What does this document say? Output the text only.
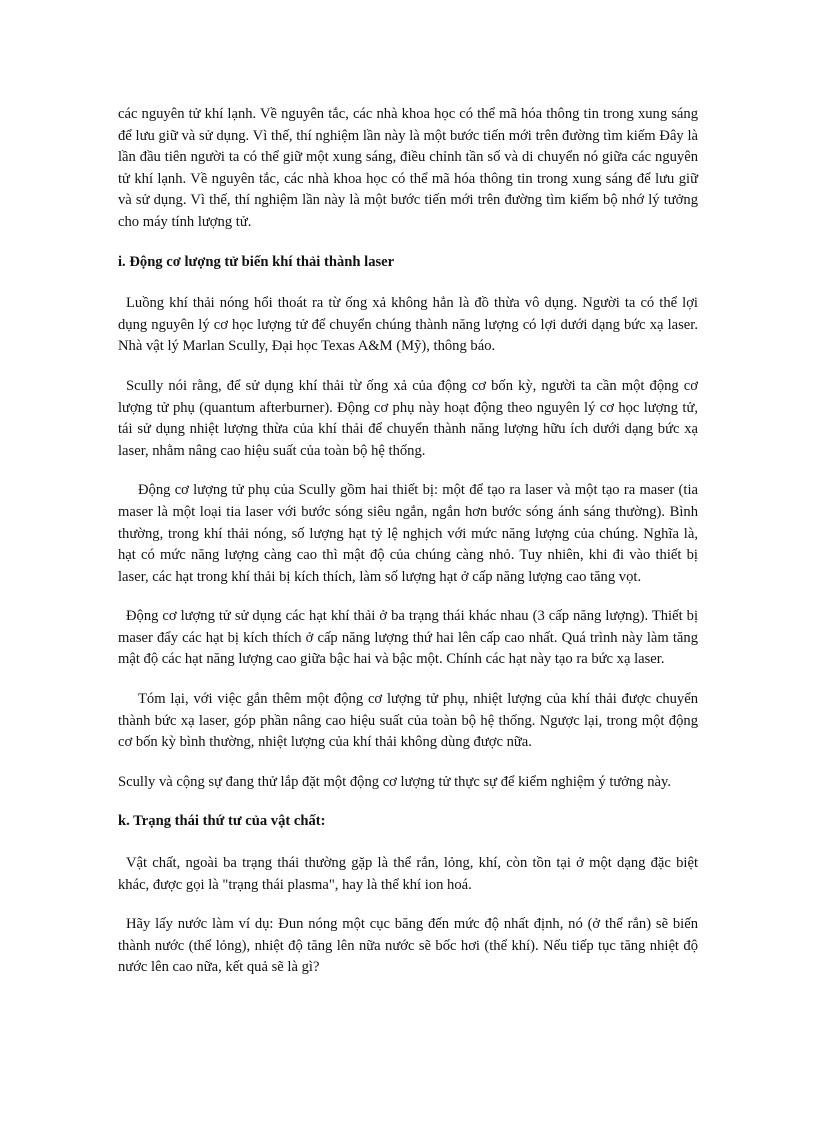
các nguyên tử khí lạnh. Về nguyên tắc, các nhà khoa học có thể mã hóa thông tin trong xung sáng để lưu giữ và sử dụng. Vì thế, thí nghiệm lần này là một bước tiến mới trên đường tìm kiếm Đây là lần đầu tiên người ta có thể giữ một xung sáng, điều chỉnh tần số và di chuyển nó giữa các nguyên tử khí lạnh. Về nguyên tắc, các nhà khoa học có thể mã hóa thông tin trong xung sáng để lưu giữ và sử dụng. Vì thế, thí nghiệm lần này là một bước tiến mới trên đường tìm kiếm bộ nhớ lý tưởng cho máy tính lượng tử.

i. Động cơ lượng tử biến khí thải thành laser

Luồng khí thải nóng hổi thoát ra từ ống xả không hẳn là đồ thừa vô dụng. Người ta có thể lợi dụng nguyên lý cơ học lượng tử để chuyển chúng thành năng lượng có lợi dưới dạng bức xạ laser. Nhà vật lý Marlan Scully, Đại học Texas A&M (Mỹ), thông báo.

Scully nói rằng, để sử dụng khí thải từ ống xả của động cơ bốn kỳ, người ta cần một động cơ lượng tử phụ (quantum afterburner). Động cơ phụ này hoạt động theo nguyên lý cơ học lượng tử, tái sử dụng nhiệt lượng thừa của khí thải để chuyển thành năng lượng hữu ích dưới dạng bức xạ laser, nhằm nâng cao hiệu suất của toàn bộ hệ thống.

Động cơ lượng tử phụ của Scully gồm hai thiết bị: một để tạo ra laser và một tạo ra maser (tia maser là một loại tia laser với bước sóng siêu ngắn, ngắn hơn bước sóng ánh sáng thường). Bình thường, trong khí thải nóng, số lượng hạt tỷ lệ nghịch với mức năng lượng của chúng. Nghĩa là, hạt có mức năng lượng càng cao thì mật độ của chúng càng nhỏ. Tuy nhiên, khi đi vào thiết bị laser, các hạt trong khí thải bị kích thích, làm số lượng hạt ở cấp năng lượng cao tăng vọt.

Động cơ lượng tử sử dụng các hạt khí thải ở ba trạng thái khác nhau (3 cấp năng lượng). Thiết bị maser đẩy các hạt bị kích thích ở cấp năng lượng thứ hai lên cấp cao nhất. Quá trình này làm tăng mật độ các hạt năng lượng cao giữa bậc hai và bậc một. Chính các hạt này tạo ra bức xạ laser.

Tóm lại, với việc gắn thêm một động cơ lượng tử phụ, nhiệt lượng của khí thải được chuyển thành bức xạ laser, góp phần nâng cao hiệu suất của toàn bộ hệ thống. Ngược lại, trong một động cơ bốn kỳ bình thường, nhiệt lượng của khí thải không dùng được nữa.

Scully và cộng sự đang thử lắp đặt một động cơ lượng tử thực sự để kiểm nghiệm ý tưởng này.

k. Trạng thái thứ tư của vật chất:

Vật chất, ngoài ba trạng thái thường gặp là thể rắn, lỏng, khí, còn tồn tại ở một dạng đặc biệt khác, được gọi là "trạng thái plasma", hay là thể khí ion hoá.

Hãy lấy nước làm ví dụ: Đun nóng một cục băng đến mức độ nhất định, nó (ở thể rắn) sẽ biến thành nước (thể lỏng), nhiệt độ tăng lên nữa nước sẽ bốc hơi (thể khí). Nếu tiếp tục tăng nhiệt độ nước lên cao nữa, kết quả sẽ là gì?
